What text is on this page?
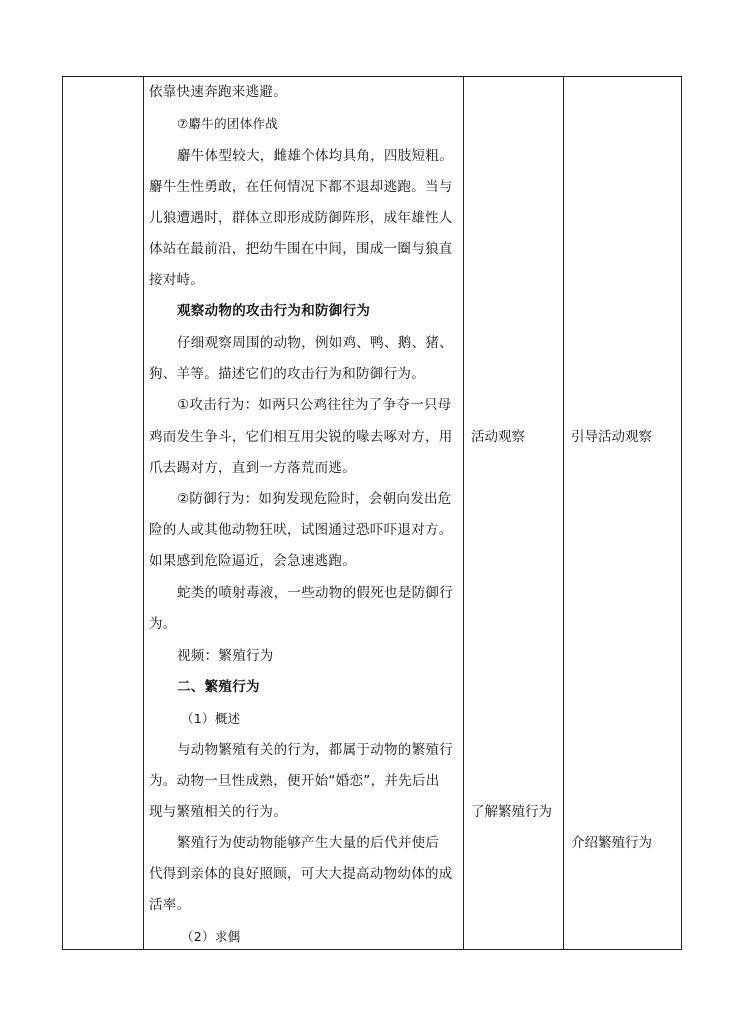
依靠快速奔跑来逃避。
⑦麝牛的团体作战
麝牛体型较大，雌雄个体均具角，四肢短粗。
麝牛生性勇敢，在任何情况下都不退却逃跑。当与
儿狼遭遇时，群体立即形成防御阵形，成年雄性人
体站在最前沿，把幼牛围在中间，围成一圈与狼直
接对峙。
观察动物的攻击行为和防御行为
仔细观察周围的动物，例如鸡、鸭、鹅、猪、
狗、羊等。描述它们的攻击行为和防御行为。
①攻击行为：如两只公鸡往往为了争夺一只母
鸡而发生争斗，它们相互用尖锐的喙去啄对方，用
爪去踢对方，直到一方落荒而逃。
②防御行为：如狗发现危险时，会朝向发出危
险的人或其他动物狂吠，试图通过恐吓吓退对方。
如果感到危险逼近，会急速逃跑。
蛇类的喷射毒液，一些动物的假死也是防御行
为。
视频：繁殖行为
二、繁殖行为
（1）概述
与动物繁殖有关的行为，都属于动物的繁殖行
为。动物一旦性成熟，便开始“婚恋”，并先后出
现与繁殖相关的行为。
繁殖行为使动物能够产生大量的后代并使后
代得到亲体的良好照顾，可大大提高动物幼体的成
活率。
（2）求偶
活动观察
了解繁殖行为
引导活动观察
介绍繁殖行为
